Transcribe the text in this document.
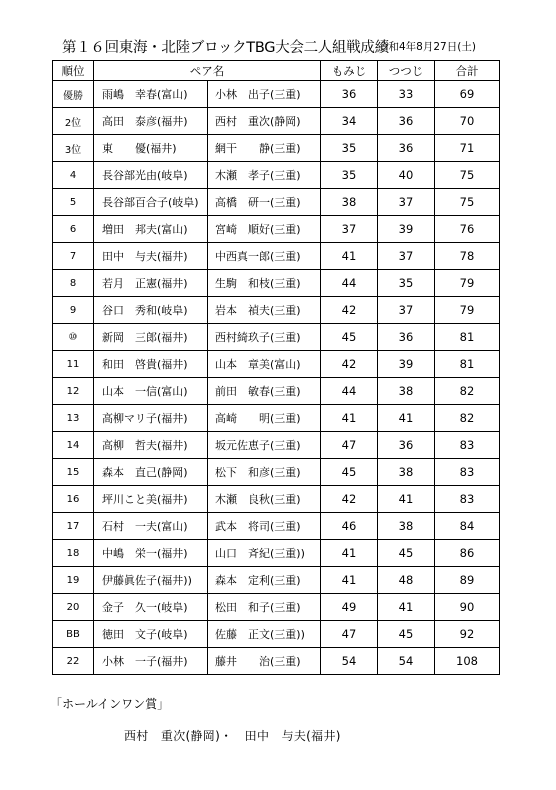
第１６回東海・北陸ブロックTBG大会二人組戦成績
令和4年8月27日(土)
順位	ペア名		もみじ	つつじ	合計
優勝	雨嶋　幸春(富山)	小林　出子(三重)	36	33	69
2位	高田　泰彦(福井)	西村　重次(静岡)	34	36	70
3位	東　　優(福井)	網干　　静(三重)	35	36	71
4	長谷部光由(岐阜)	木瀬　孝子(三重)	35	40	75
5	長谷部百合子(岐阜)	高橋　研一(三重)	38	37	75
6	増田　邦夫(富山)	宮崎　順好(三重)	37	39	76
7	田中　与夫(福井)	中西真一郎(三重)	41	37	78
8	若月　正憲(福井)	生駒　和枝(三重)	44	35	79
9	谷口　秀和(岐阜)	岩本　禎夫(三重)	42	37	79
⑩	新岡　三郎(福井)	西村綺玖子(三重)	45	36	81
11	和田　啓貴(福井)	山本　章美(富山)	42	39	81
12	山本　一信(富山)	前田　敏春(三重)	44	38	82
13	高柳マリ子(福井)	高崎　　明(三重)	41	41	82
14	高柳　哲夫(福井)	坂元佐恵子(三重)	47	36	83
15	森本　直己(静岡)	松下　和彦(三重)	45	38	83
16	坪川こと美(福井)	木瀬　良秋(三重)	42	41	83
17	石村　一夫(富山)	武本　将司(三重)	46	38	84
18	中嶋　栄一(福井)	山口　斉紀(三重))	41	45	86
19	伊藤眞佐子(福井))	森本　定利(三重)	41	48	89
20	金子　久一(岐阜)	松田　和子(三重)	49	41	90
BB	徳田　文子(岐阜)	佐藤　正文(三重))	47	45	92
22	小林　一子(福井)	藤井　　治(三重)	54	54	108
「ホールインワン賞」
西村　重次(静岡)・　田中　与夫(福井)
